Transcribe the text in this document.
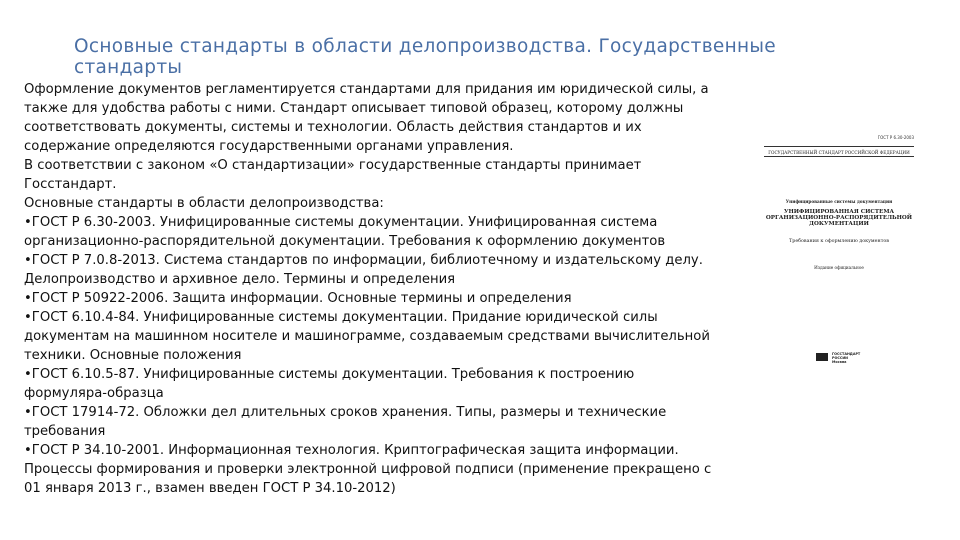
Основные стандарты в области делопроизводства. Государственные стандарты

Оформление документов регламентируется стандартами для придания им юридической силы, а также для удобства работы с ними. Стандарт описывает типовой образец, которому должны соответствовать документы, системы и технологии. Область действия стандартов и их содержание определяются государственными органами управления.

В соответствии с законом «О стандартизации» государственные стандарты принимает Госстандарт.

Основные стандарты в области делопроизводства:

•ГОСТ Р 6.30-2003. Унифицированные системы документации. Унифицированная система организационно-распорядительной документации. Требования к оформлению документов

•ГОСТ Р 7.0.8-2013. Система стандартов по информации, библиотечному и издательскому делу. Делопроизводство и архивное дело. Термины и определения

•ГОСТ Р 50922-2006. Защита информации. Основные термины и определения

•ГОСТ 6.10.4-84. Унифицированные системы документации. Придание юридической силы документам на машинном носителе и машинограмме, создаваемым средствами вычислительной техники. Основные положения

•ГОСТ 6.10.5-87. Унифицированные системы документации. Требования к построению формуляра-образца

•ГОСТ 17914-72. Обложки дел длительных сроков хранения. Типы, размеры и технические требования

•ГОСТ Р 34.10-2001. Информационная технология. Криптографическая защита информации. Процессы формирования и проверки электронной цифровой подписи (применение прекращено с 01 января 2013 г., взамен введен ГОСТ Р 34.10-2012)

ГОСТ Р 6.30-2003
ГОСУДАРСТВЕННЫЙ СТАНДАРТ РОССИЙСКОЙ ФЕДЕРАЦИИ
Унифицированные системы документации
УНИФИЦИРОВАННАЯ СИСТЕМА ОРГАНИЗАЦИОННО-РАСПОРЯДИТЕЛЬНОЙ ДОКУМЕНТАЦИИ
Требования к оформлению документов
Издание официальное
ГОССТАНДАРТ РОССИИ Москва
